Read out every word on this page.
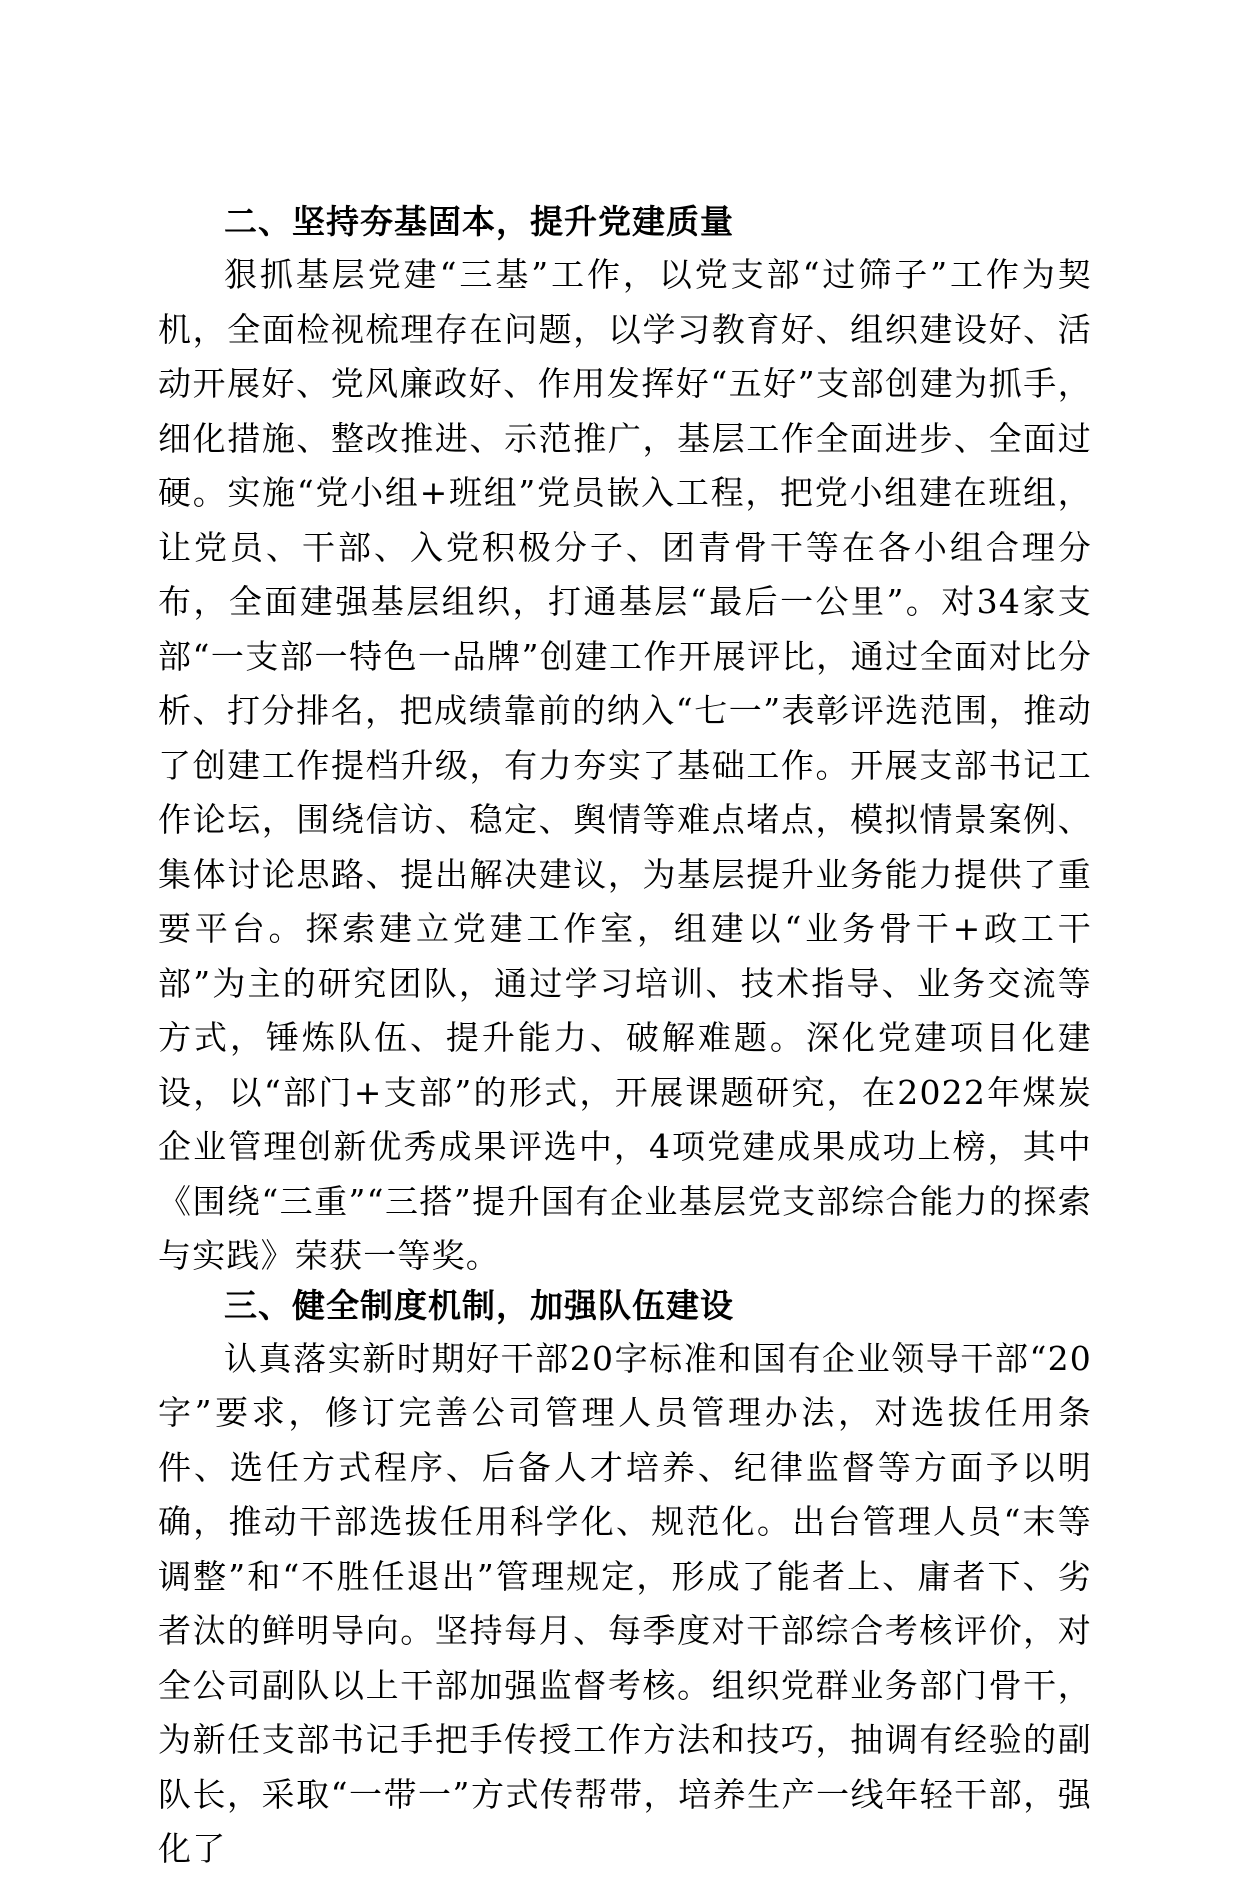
二、坚持夯基固本，提升党建质量

狠抓基层党建“三基”工作，以党支部“过筛子”工作为契机，全面检视梳理存在问题，以学习教育好、组织建设好、活动开展好、党风廉政好、作用发挥好“五好”支部创建为抓手，细化措施、整改推进、示范推广，基层工作全面进步、全面过硬。实施“党小组+班组”党员嵌入工程，把党小组建在班组，让党员、干部、入党积极分子、团青骨干等在各小组合理分布，全面建强基层组织，打通基层“最后一公里”。对34家支部“一支部一特色一品牌”创建工作开展评比，通过全面对比分析、打分排名，把成绩靠前的纳入“七一”表彰评选范围，推动了创建工作提档升级，有力夯实了基础工作。开展支部书记工作论坛，围绕信访、稳定、舆情等难点堵点，模拟情景案例、集体讨论思路、提出解决建议，为基层提升业务能力提供了重要平台。探索建立党建工作室，组建以“业务骨干+政工干部”为主的研究团队，通过学习培训、技术指导、业务交流等方式，锤炼队伍、提升能力、破解难题。深化党建项目化建设，以“部门+支部”的形式，开展课题研究，在2022年煤炭企业管理创新优秀成果评选中，4项党建成果成功上榜，其中《围绕“三重”“三搭”提升国有企业基层党支部综合能力的探索与实践》荣获一等奖。

三、健全制度机制，加强队伍建设

认真落实新时期好干部20字标准和国有企业领导干部“20字”要求，修订完善公司管理人员管理办法，对选拔任用条件、选任方式程序、后备人才培养、纪律监督等方面予以明确，推动干部选拔任用科学化、规范化。出台管理人员“末等调整”和“不胜任退出”管理规定，形成了能者上、庸者下、劣者汰的鲜明导向。坚持每月、每季度对干部综合考核评价，对全公司副队以上干部加强监督考核。组织党群业务部门骨干，为新任支部书记手把手传授工作方法和技巧，抽调有经验的副队长，采取“一带一”方式传帮带，培养生产一线年轻干部，强化了
